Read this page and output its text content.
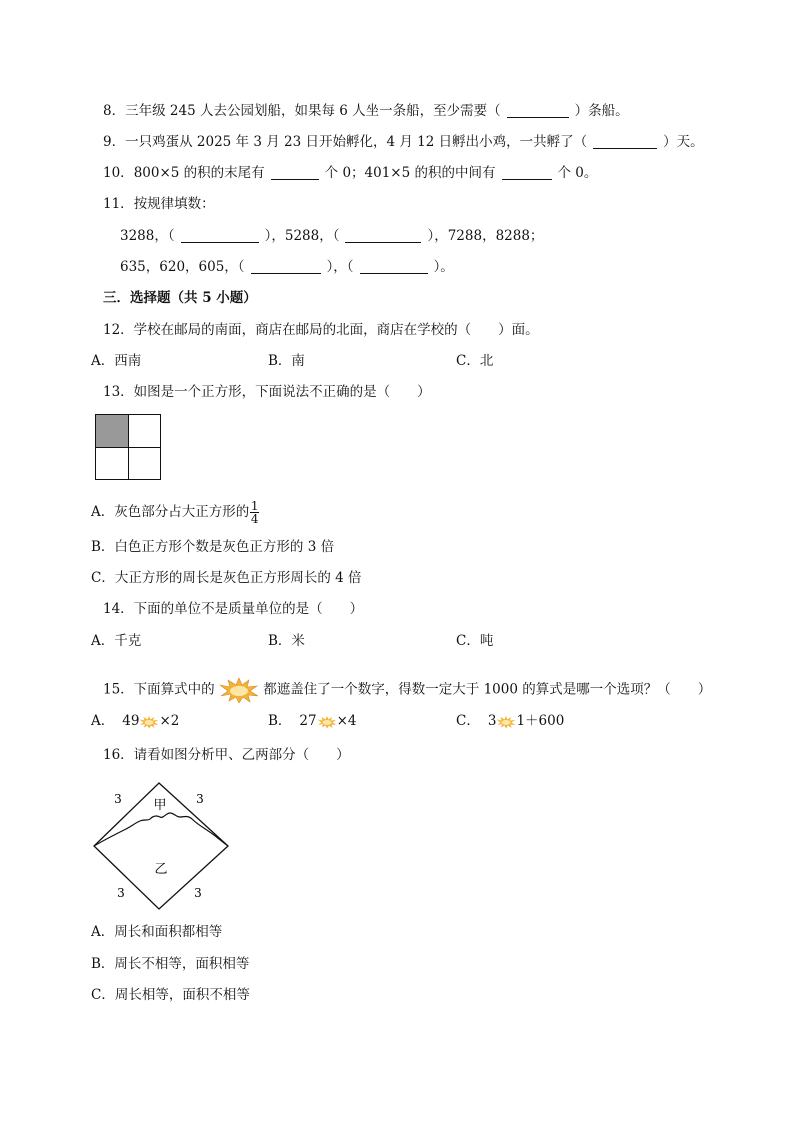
8．三年级 245 人去公园划船，如果每 6 人坐一条船，至少需要（	）条船。
9．一只鸡蛋从 2025 年 3 月 23 日开始孵化，4 月 12 日孵出小鸡，一共孵了（	）天。
10．800×5 的积的末尾有	个 0；401×5 的积的中间有	个 0。
11．按规律填数：
3288，（	），5288，（	），7288，8288；
635，620，605，（	），（	）。
三．选择题（共 5 小题）
12．学校在邮局的南面，商店在邮局的北面，商店在学校的（　　）面。
A．西南	B．南	C．北
13．如图是一个正方形，下面说法不正确的是（　　）
A．灰色部分占大正方形的 $\frac{1}{4}$
B．白色正方形个数是灰色正方形的 3 倍
C．大正方形的周长是灰色正方形周长的 4 倍
14．下面的单位不是质量单位的是（　　）
A．千克	B．米	C．吨
15．下面算式中的	都遮盖住了一个数字，得数一定大于 1000 的算式是哪一个选项？（　　）
A． 49 ×2	B． 27 ×4	C． 3 1＋600
16．请看如图分析甲、乙两部分（　　）
甲
乙
3	3
3	3
A．周长和面积都相等
B．周长不相等，面积相等
C．周长相等，面积不相等
